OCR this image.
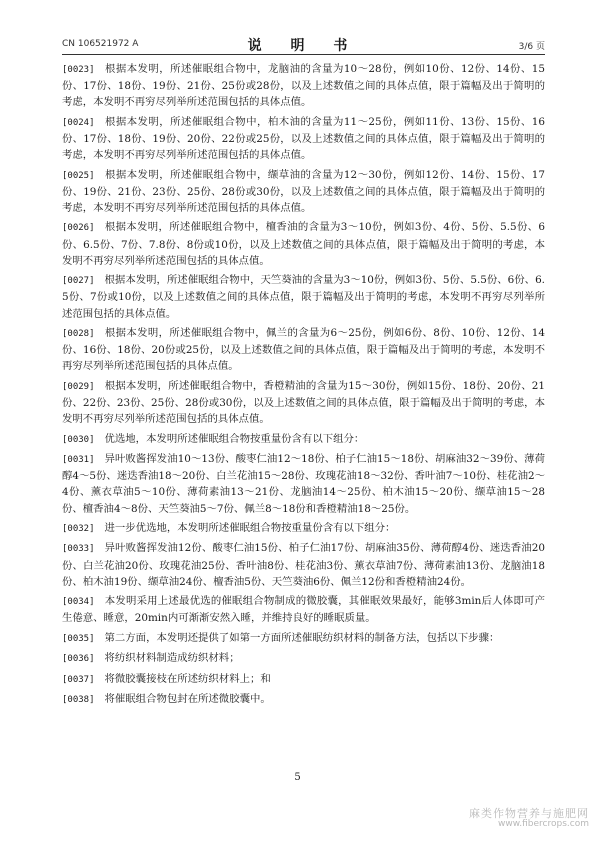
CN 106521972 A	说 明 书	3/6 页

[0023] 根据本发明，所述催眠组合物中，龙脑油的含量为10～28份，例如10份、12份、14份、15份、17份、18份、19份、21份、25份或28份，以及上述数值之间的具体点值，限于篇幅及出于简明的考虑，本发明不再穷尽列举所述范围包括的具体点值。

[0024] 根据本发明，所述催眠组合物中，柏木油的含量为11～25份，例如11份、13份、15份、16份、17份、18份、19份、20份、22份或25份，以及上述数值之间的具体点值，限于篇幅及出于简明的考虑，本发明不再穷尽列举所述范围包括的具体点值。

[0025] 根据本发明，所述催眠组合物中，缬草油的含量为12～30份，例如12份、14份、15份、17份、19份、21份、23份、25份、28份或30份，以及上述数值之间的具体点值，限于篇幅及出于简明的考虑，本发明不再穷尽列举所述范围包括的具体点值。

[0026] 根据本发明，所述催眠组合物中，檀香油的含量为3～10份，例如3份、4份、5份、5.5份、6份、6.5份、7份、7.8份、8份或10份，以及上述数值之间的具体点值，限于篇幅及出于简明的考虑，本发明不再穷尽列举所述范围包括的具体点值。

[0027] 根据本发明，所述催眠组合物中，天竺葵油的含量为3～10份，例如3份、5份、5.5份、6份、6.5份、7份或10份，以及上述数值之间的具体点值，限于篇幅及出于简明的考虑，本发明不再穷尽列举所述范围包括的具体点值。

[0028] 根据本发明，所述催眠组合物中，佩兰的含量为6～25份，例如6份、8份、10份、12份、14份、16份、18份、20份或25份，以及上述数值之间的具体点值，限于篇幅及出于简明的考虑，本发明不再穷尽列举所述范围包括的具体点值。

[0029] 根据本发明，所述催眠组合物中，香橙精油的含量为15～30份，例如15份、18份、20份、21份、22份、23份、25份、28份或30份，以及上述数值之间的具体点值，限于篇幅及出于简明的考虑，本发明不再穷尽列举所述范围包括的具体点值。

[0030] 优选地，本发明所述催眠组合物按重量份含有以下组分：

[0031] 异叶败酱挥发油10～13份、酸枣仁油12～18份、柏子仁油15～18份、胡麻油32～39份、薄荷醇4～5份、迷迭香油18～20份、白兰花油15～28份、玫瑰花油18～32份、香叶油7～10份、桂花油2～4份、薰衣草油5～10份、薄荷素油13～21份、龙脑油14～25份、柏木油15～20份、缬草油15～28份、檀香油4～8份、天竺葵油5～7份、佩兰8～18份和香橙精油18～25份。

[0032] 进一步优选地，本发明所述催眠组合物按重量份含有以下组分：

[0033] 异叶败酱挥发油12份、酸枣仁油15份、柏子仁油17份、胡麻油35份、薄荷醇4份、迷迭香油20份、白兰花油20份、玫瑰花油25份、香叶油8份、桂花油3份、薰衣草油7份、薄荷素油13份、龙脑油18份、柏木油19份、缬草油24份、檀香油5份、天竺葵油6份、佩兰12份和香橙精油24份。

[0034] 本发明采用上述最优选的催眠组合物制成的微胶囊，其催眠效果最好，能够3min后人体即可产生倦意、睡意，20min内可渐渐安然入睡，并维持良好的睡眠质量。

[0035] 第二方面，本发明还提供了如第一方面所述催眠纺织材料的制备方法，包括以下步骤：

[0036] 将纺织材料制造成纺织材料；

[0037] 将微胶囊接枝在所述纺织材料上；和

[0038] 将催眠组合物包封在所述微胶囊中。

5
麻类作物营养与施肥网
www.fibercrops.com
